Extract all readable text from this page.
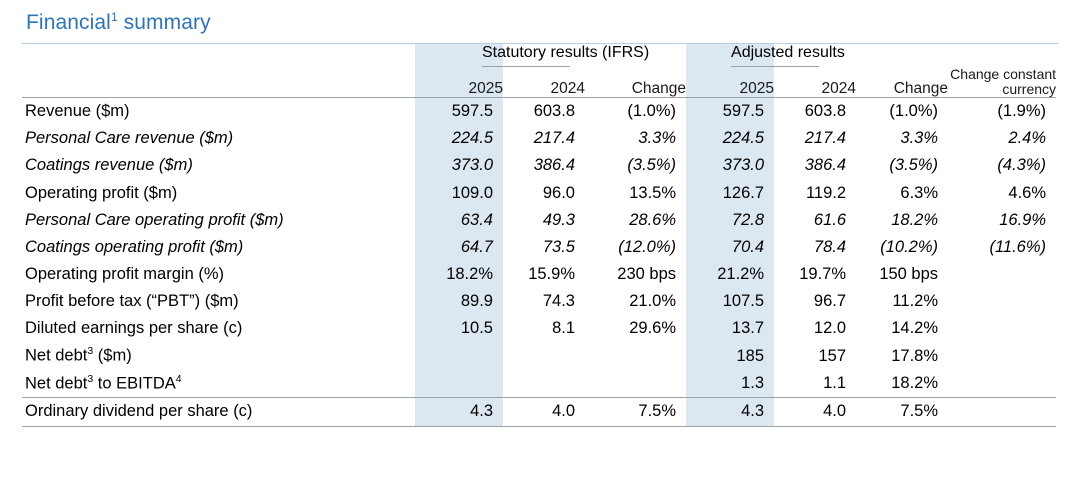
Financial$^1$ summary

	Statutory results (IFRS)			Adjusted results			

							Change constant currency
	2025	2024	Change	2025	2024	Change	

Revenue ($m)	597.5	603.8	(1.0%)	597.5	603.8	(1.0%)	(1.9%)
Personal Care revenue ($m)	224.5	217.4	3.3%	224.5	217.4	3.3%	2.4%
Coatings revenue ($m)	373.0	386.4	(3.5%)	373.0	386.4	(3.5%)	(4.3%)
Operating profit ($m)	109.0	96.0	13.5%	126.7	119.2	6.3%	4.6%
Personal Care operating profit ($m)	63.4	49.3	28.6%	72.8	61.6	18.2%	16.9%
Coatings operating profit ($m)	64.7	73.5	(12.0%)	70.4	78.4	(10.2%)	(11.6%)
Operating profit margin (%)	18.2%	15.9%	230 bps	21.2%	19.7%	150 bps	
Profit before tax (“PBT”) ($m)	89.9	74.3	21.0%	107.5	96.7	11.2%	
Diluted earnings per share (c)	10.5	8.1	29.6%	13.7	12.0	14.2%	
Net debt$^3$ ($m)				185	157	17.8%	
Net debt$^3$ to EBITDA$^4$				1.3	1.1	18.2%	
Ordinary dividend per share (c)	4.3	4.0	7.5%	4.3	4.0	7.5%	
